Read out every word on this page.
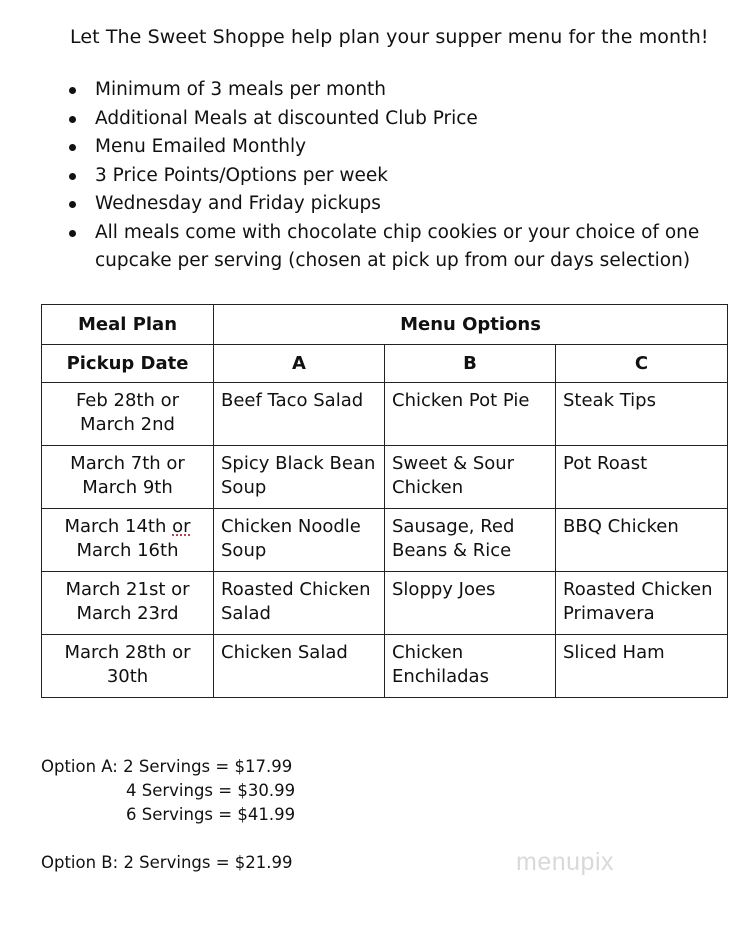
Let The Sweet Shoppe help plan your supper menu for the month!
Minimum of 3 meals per month
Additional Meals at discounted Club Price
Menu Emailed Monthly
3 Price Points/Options per week
Wednesday and Friday pickups
All meals come with chocolate chip cookies or your choice of one cupcake per serving (chosen at pick up from our days selection)
Meal Plan	Menu Options		
Pickup Date	A	B	C

Feb 28th or
March 2nd	Beef Taco Salad	Chicken Pot Pie	Steak Tips

March 7th or
March 9th	Spicy Black Bean Soup	Sweet & Sour Chicken	Pot Roast

March 14th or
March 16th	Chicken Noodle Soup	Sausage, Red Beans & Rice	BBQ Chicken

March 21st or
March 23rd	Roasted Chicken Salad	Sloppy Joes	Roasted Chicken Primavera

March 28th or
30th	Chicken Salad	Chicken Enchiladas	Sliced Ham
Option A: 2 Servings = $17.99
4 Servings = $30.99
6 Servings = $41.99
Option B: 2 Servings = $21.99	menupix
